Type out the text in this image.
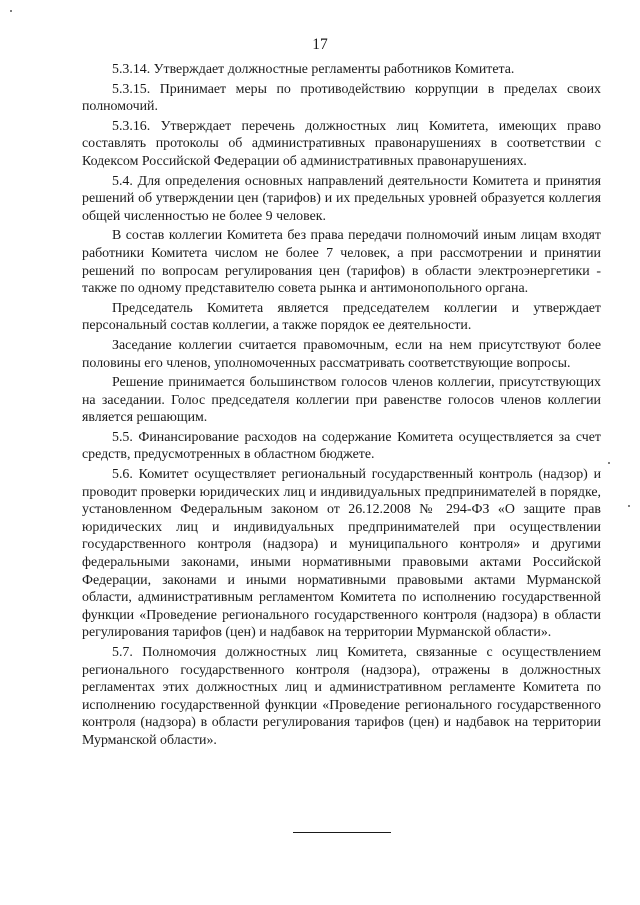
17

5.3.14. Утверждает должностные регламенты работников Комитета.

5.3.15. Принимает меры по противодействию коррупции в пределах своих полномочий.

5.3.16. Утверждает перечень должностных лиц Комитета, имеющих право составлять протоколы об административных правонарушениях в соответствии с Кодексом Российской Федерации об административных правонарушениях.

5.4. Для определения основных направлений деятельности Комитета и принятия решений об утверждении цен (тарифов) и их предельных уровней образуется коллегия общей численностью не более 9 человек.

В состав коллегии Комитета без права передачи полномочий иным лицам входят работники Комитета числом не более 7 человек, а при рассмотрении и принятии решений по вопросам регулирования цен (тарифов) в области электроэнергетики - также по одному представителю совета рынка и антимонопольного органа.

Председатель Комитета является председателем коллегии и утверждает персональный состав коллегии, а также порядок ее деятельности.

Заседание коллегии считается правомочным, если на нем присутствуют более половины его членов, уполномоченных рассматривать соответствующие вопросы.

Решение принимается большинством голосов членов коллегии, присутствующих на заседании. Голос председателя коллегии при равенстве голосов членов коллегии является решающим.

5.5. Финансирование расходов на содержание Комитета осуществляется за счет средств, предусмотренных в областном бюджете.

5.6. Комитет осуществляет региональный государственный контроль (надзор) и проводит проверки юридических лиц и индивидуальных предпринимателей в порядке, установленном Федеральным законом от 26.12.2008 № 294-ФЗ «О защите прав юридических лиц и индивидуальных предпринимателей при осуществлении государственного контроля (надзора) и муниципального контроля» и другими федеральными законами, иными нормативными правовыми актами Российской Федерации, законами и иными нормативными правовыми актами Мурманской области, административным регламентом Комитета по исполнению государственной функции «Проведение регионального государственного контроля (надзора) в области регулирования тарифов (цен) и надбавок на территории Мурманской области».

5.7. Полномочия должностных лиц Комитета, связанные с осуществлением регионального государственного контроля (надзора), отражены в должностных регламентах этих должностных лиц и административном регламенте Комитета по исполнению государственной функции «Проведение регионального государственного контроля (надзора) в области регулирования тарифов (цен) и надбавок на территории Мурманской области».
